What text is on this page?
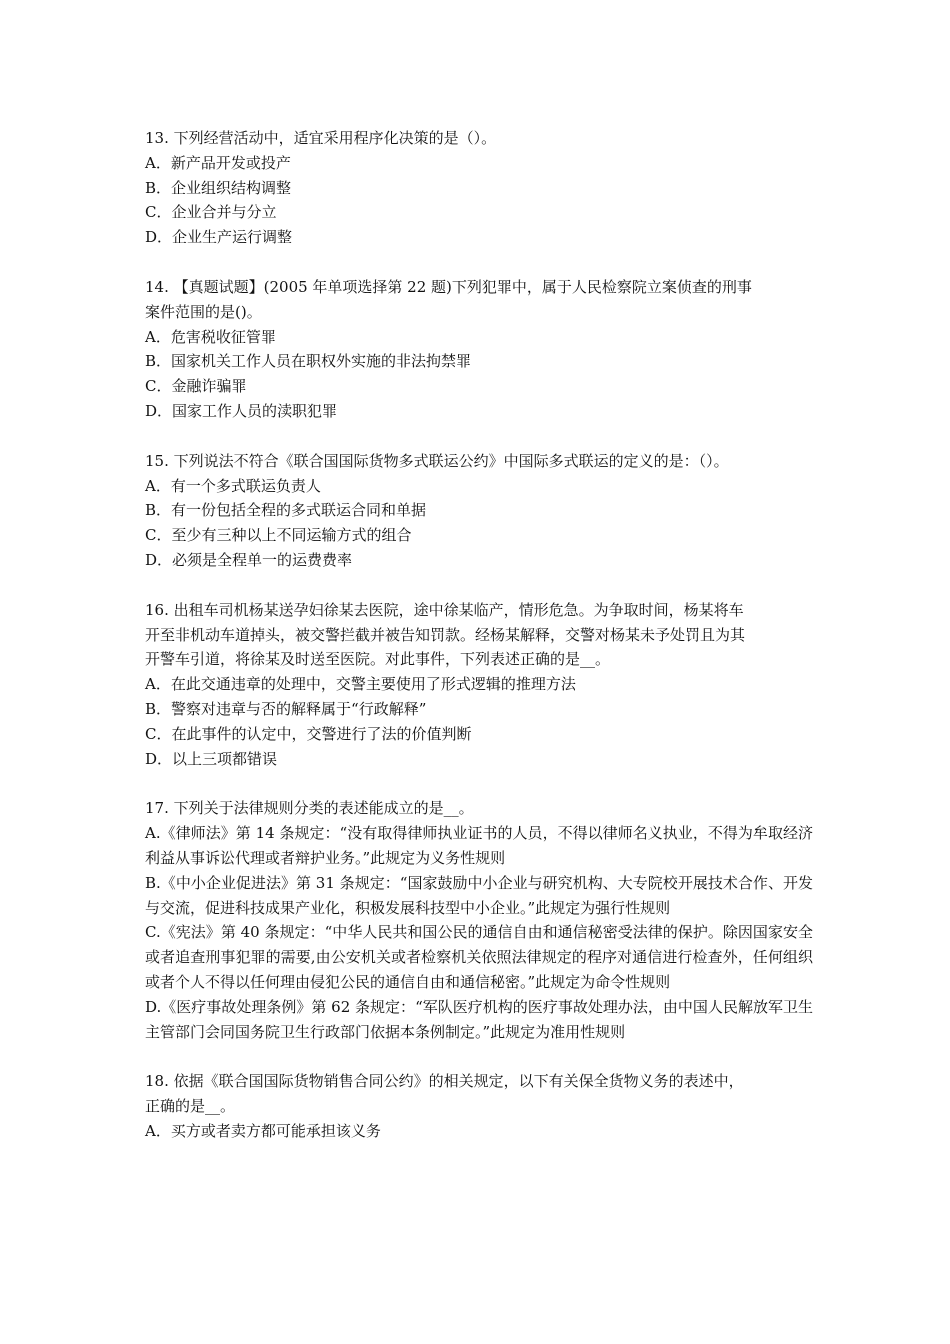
13. 下列经营活动中，适宜采用程序化决策的是（）。
A．新产品开发或投产
B．企业组织结构调整
C．企业合并与分立
D．企业生产运行调整
14. 【真题试题】(2005 年单项选择第 22 题)下列犯罪中，属于人民检察院立案侦查的刑事
案件范围的是()。
A．危害税收征管罪
B．国家机关工作人员在职权外实施的非法拘禁罪
C．金融诈骗罪
D．国家工作人员的渎职犯罪
15. 下列说法不符合《联合国国际货物多式联运公约》中国际多式联运的定义的是：（）。
A．有一个多式联运负责人
B．有一份包括全程的多式联运合同和单据
C．至少有三种以上不同运输方式的组合
D．必须是全程单一的运费费率
16. 出租车司机杨某送孕妇徐某去医院，途中徐某临产，情形危急。为争取时间，杨某将车
开至非机动车道掉头，被交警拦截并被告知罚款。经杨某解释，交警对杨某未予处罚且为其
开警车引道，将徐某及时送至医院。对此事件，下列表述正确的是__。
A．在此交通违章的处理中，交警主要使用了形式逻辑的推理方法
B．警察对违章与否的解释属于“行政解释”
C．在此事件的认定中，交警进行了法的价值判断
D．以上三项都错误
17. 下列关于法律规则分类的表述能成立的是__。
A.《律师法》第 14 条规定：“没有取得律师执业证书的人员，不得以律师名义执业，不得为牟取经济利益从事诉讼代理或者辩护业务。”此规定为义务性规则
B.《中小企业促进法》第 31 条规定：“国家鼓励中小企业与研究机构、大专院校开展技术合作、开发与交流，促进科技成果产业化，积极发展科技型中小企业。”此规定为强行性规则
C.《宪法》第 40 条规定：“中华人民共和国公民的通信自由和通信秘密受法律的保护。除因国家安全或者追查刑事犯罪的需要,由公安机关或者检察机关依照法律规定的程序对通信进行检查外，任何组织或者个人不得以任何理由侵犯公民的通信自由和通信秘密。”此规定为命令性规则
D.《医疗事故处理条例》第 62 条规定：“军队医疗机构的医疗事故处理办法，由中国人民解放军卫生主管部门会同国务院卫生行政部门依据本条例制定。”此规定为准用性规则
18. 依据《联合国国际货物销售合同公约》的相关规定，以下有关保全货物义务的表述中，
正确的是__。
A．买方或者卖方都可能承担该义务
